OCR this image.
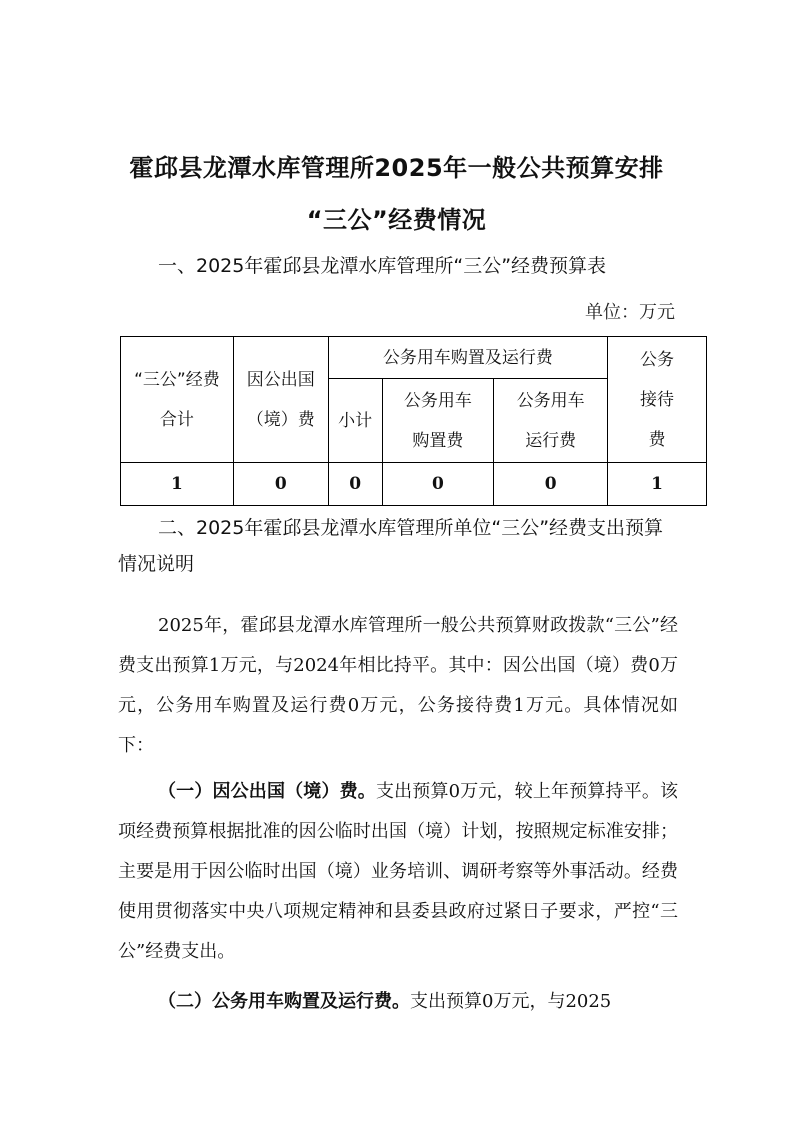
霍邱县龙潭水库管理所2025年一般公共预算安排
“三公”经费情况
一、2025年霍邱县龙潭水库管理所“三公”经费预算表
单位：万元
“三公”经费合计	因公出国（境）费	公务用车购置及运行费			公务接待费
		小计	公务用车购置费	公务用车运行费	
1	0	0	0	0	1
二、2025年霍邱县龙潭水库管理所单位“三公”经费支出预算情况说明
2025年，霍邱县龙潭水库管理所一般公共预算财政拨款“三公”经费支出预算1万元，与2024年相比持平。其中：因公出国（境）费0万元，公务用车购置及运行费0万元，公务接待费1万元。具体情况如下：
（一）因公出国（境）费。支出预算0万元，较上年预算持平。该项经费预算根据批准的因公临时出国（境）计划，按照规定标准安排；主要是用于因公临时出国（境）业务培训、调研考察等外事活动。经费使用贯彻落实中央八项规定精神和县委县政府过紧日子要求，严控“三公”经费支出。
（二）公务用车购置及运行费。支出预算0万元，与2025
